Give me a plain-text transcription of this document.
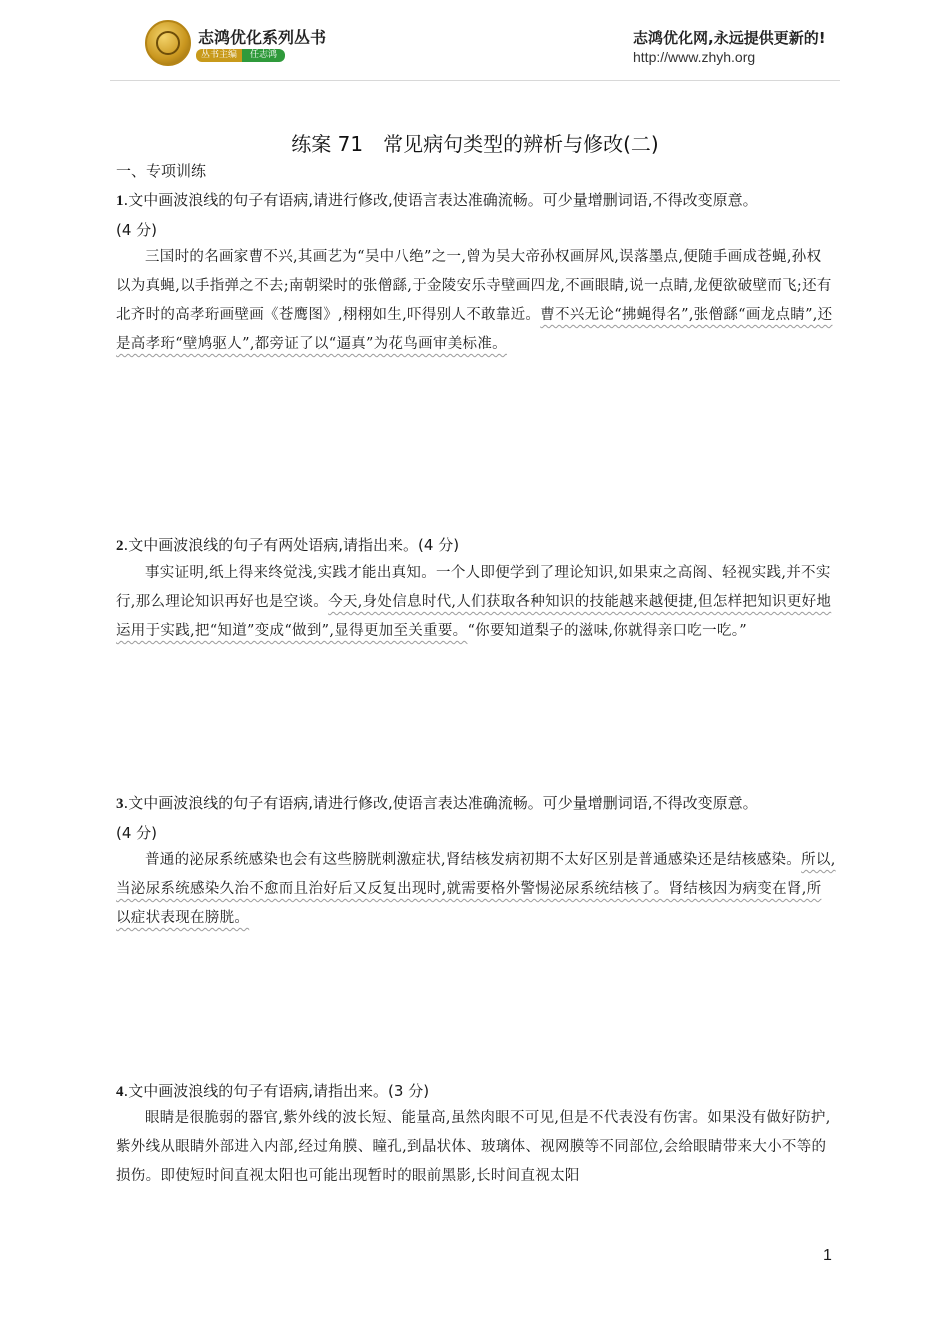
志鸿优化系列丛书
丛书主编	任志鸿
志鸿优化网,永远提供更新的!
http://www.zhyh.org
练案 71　常见病句类型的辨析与修改(二)
一、专项训练
1.文中画波浪线的句子有语病,请进行修改,使语言表达准确流畅。可少量增删词语,不得改变原意。
(4 分)

三国时的名画家曹不兴,其画艺为“吴中八绝”之一,曾为吴大帝孙权画屏风,误落墨点,便随手画成苍蝇,孙权以为真蝇,以手指弹之不去;南朝梁时的张僧繇,于金陵安乐寺壁画四龙,不画眼睛,说一点睛,龙便欲破壁而飞;还有北齐时的高孝珩画壁画《苍鹰图》,栩栩如生,吓得别人不敢靠近。曹不兴无论“拂蝇得名”,张僧繇“画龙点睛”,还是高孝珩“壁鸠驱人”,都旁证了以“逼真”为花鸟画审美标准。

2.文中画波浪线的句子有两处语病,请指出来。(4 分)

事实证明,纸上得来终觉浅,实践才能出真知。一个人即便学到了理论知识,如果束之高阁、轻视实践,并不实行,那么理论知识再好也是空谈。今天,身处信息时代,人们获取各种知识的技能越来越便捷,但怎样把知识更好地运用于实践,把“知道”变成“做到”,显得更加至关重要。“你要知道梨子的滋味,你就得亲口吃一吃。”

3.文中画波浪线的句子有语病,请进行修改,使语言表达准确流畅。可少量增删词语,不得改变原意。
(4 分)

普通的泌尿系统感染也会有这些膀胱刺激症状,肾结核发病初期不太好区别是普通感染还是结核感染。所以,当泌尿系统感染久治不愈而且治好后又反复出现时,就需要格外警惕泌尿系统结核了。肾结核因为病变在肾,所以症状表现在膀胱。

4.文中画波浪线的句子有语病,请指出来。(3 分)

眼睛是很脆弱的器官,紫外线的波长短、能量高,虽然肉眼不可见,但是不代表没有伤害。如果没有做好防护,紫外线从眼睛外部进入内部,经过角膜、瞳孔,到晶状体、玻璃体、视网膜等不同部位,会给眼睛带来大小不等的损伤。即使短时间直视太阳也可能出现暂时的眼前黑影,长时间直视太阳

1
